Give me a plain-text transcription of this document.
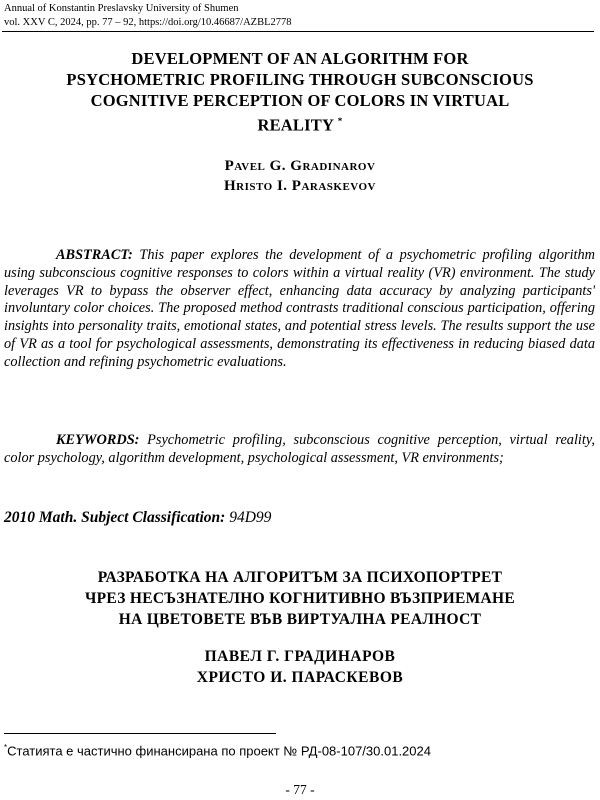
Annual of Konstantin Preslavsky University of Shumen
vol. XXV C, 2024, pp. 77 – 92, https://doi.org/10.46687/AZBL2778
DEVELOPMENT OF AN ALGORITHM FOR
PSYCHOMETRIC PROFILING THROUGH SUBCONSCIOUS
COGNITIVE PERCEPTION OF COLORS IN VIRTUAL
REALITY *
Pavel G. Gradinarov
Hristo I. Paraskevov
ABSTRACT: This paper explores the development of a psychometric profiling algorithm using subconscious cognitive responses to colors within a virtual reality (VR) environment. The study leverages VR to bypass the observer effect, enhancing data accuracy by analyzing participants' involuntary color choices. The proposed method contrasts traditional conscious participation, offering insights into personality traits, emotional states, and potential stress levels. The results support the use of VR as a tool for psychological assessments, demonstrating its effectiveness in reducing biased data collection and refining psychometric evaluations.
KEYWORDS: Psychometric profiling, subconscious cognitive perception, virtual reality, color psychology, algorithm development, psychological assessment, VR environments;
2010 Math. Subject Classification: 94D99
РАЗРАБОТКА НА АЛГОРИТЪМ ЗА ПСИХОПОРТРЕТ
ЧРЕЗ НЕСЪЗНАТЕЛНО КОГНИТИВНО ВЪЗПРИЕМАНЕ
НА ЦВЕТОВЕТЕ ВЪВ ВИРТУАЛНА РЕАЛНОСТ
ПАВЕЛ Г. ГРАДИНАРОВ
ХРИСТО И. ПАРАСКЕВОВ
*Статията е частично финансирана по проект № РД-08-107/30.01.2024
- 77 -
